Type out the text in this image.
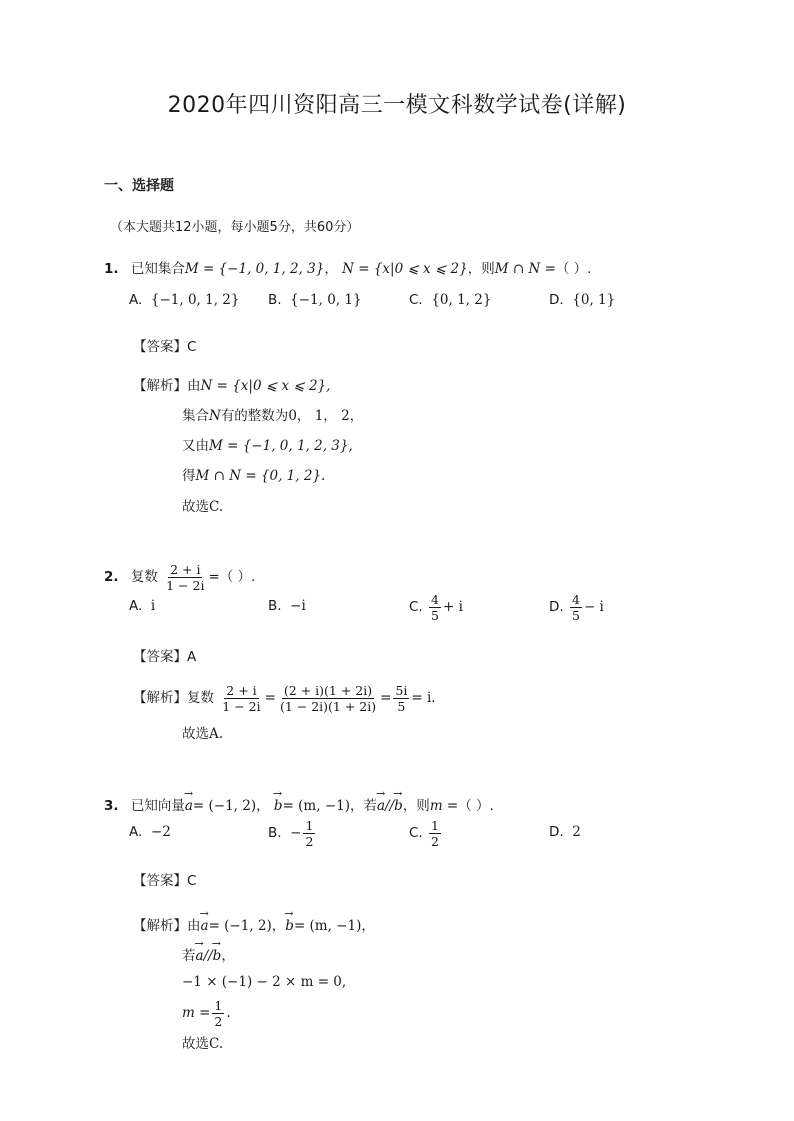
2020年四川资阳高三一模文科数学试卷(详解)
一、选择题
（本大题共12小题，每小题5分，共60分）
1. 已知集合M = {−1, 0, 1, 2, 3}， N = {x|0 ⩽ x ⩽ 2}，则M ∩ N =（ ）.
A. {−1, 0, 1, 2} B. {−1, 0, 1}	C. {0, 1, 2}	D. {0, 1}
【答案】C
【解析】由N = {x|0 ⩽ x ⩽ 2},
集合N有的整数为0， 1， 2，
又由M = {−1, 0, 1, 2, 3},
得M ∩ N = {0, 1, 2}.
故选C.
2. 复数 $\frac{2 + i}{1 - 2i}$ =（ ）.
A. i	B. −i	C. $\frac{4}{5} + i$	D. $\frac{4}{5} - i$
【答案】A
【解析】复数 $\frac{2 + i}{1 - 2i} = \frac{(2 + i)(1 + 2i)}{(1 - 2i)(1 + 2i)} = \frac{5i}{5} = i$.
故选A.
3. 已知向量→ a= (−1, 2)， → b= (m, −1)，若→ a//→ b，则m =（ ）.
A. −2	B. − $\frac{1}{2}$	C. $\frac{1}{2}$	D. 2
【答案】C
【解析】由→ a= (−1, 2)，→ b= (m, −1)，
若→ a//→ b，
−1 × (−1) − 2 × m = 0,
$m = \frac{1}{2}$ .
故选C.
